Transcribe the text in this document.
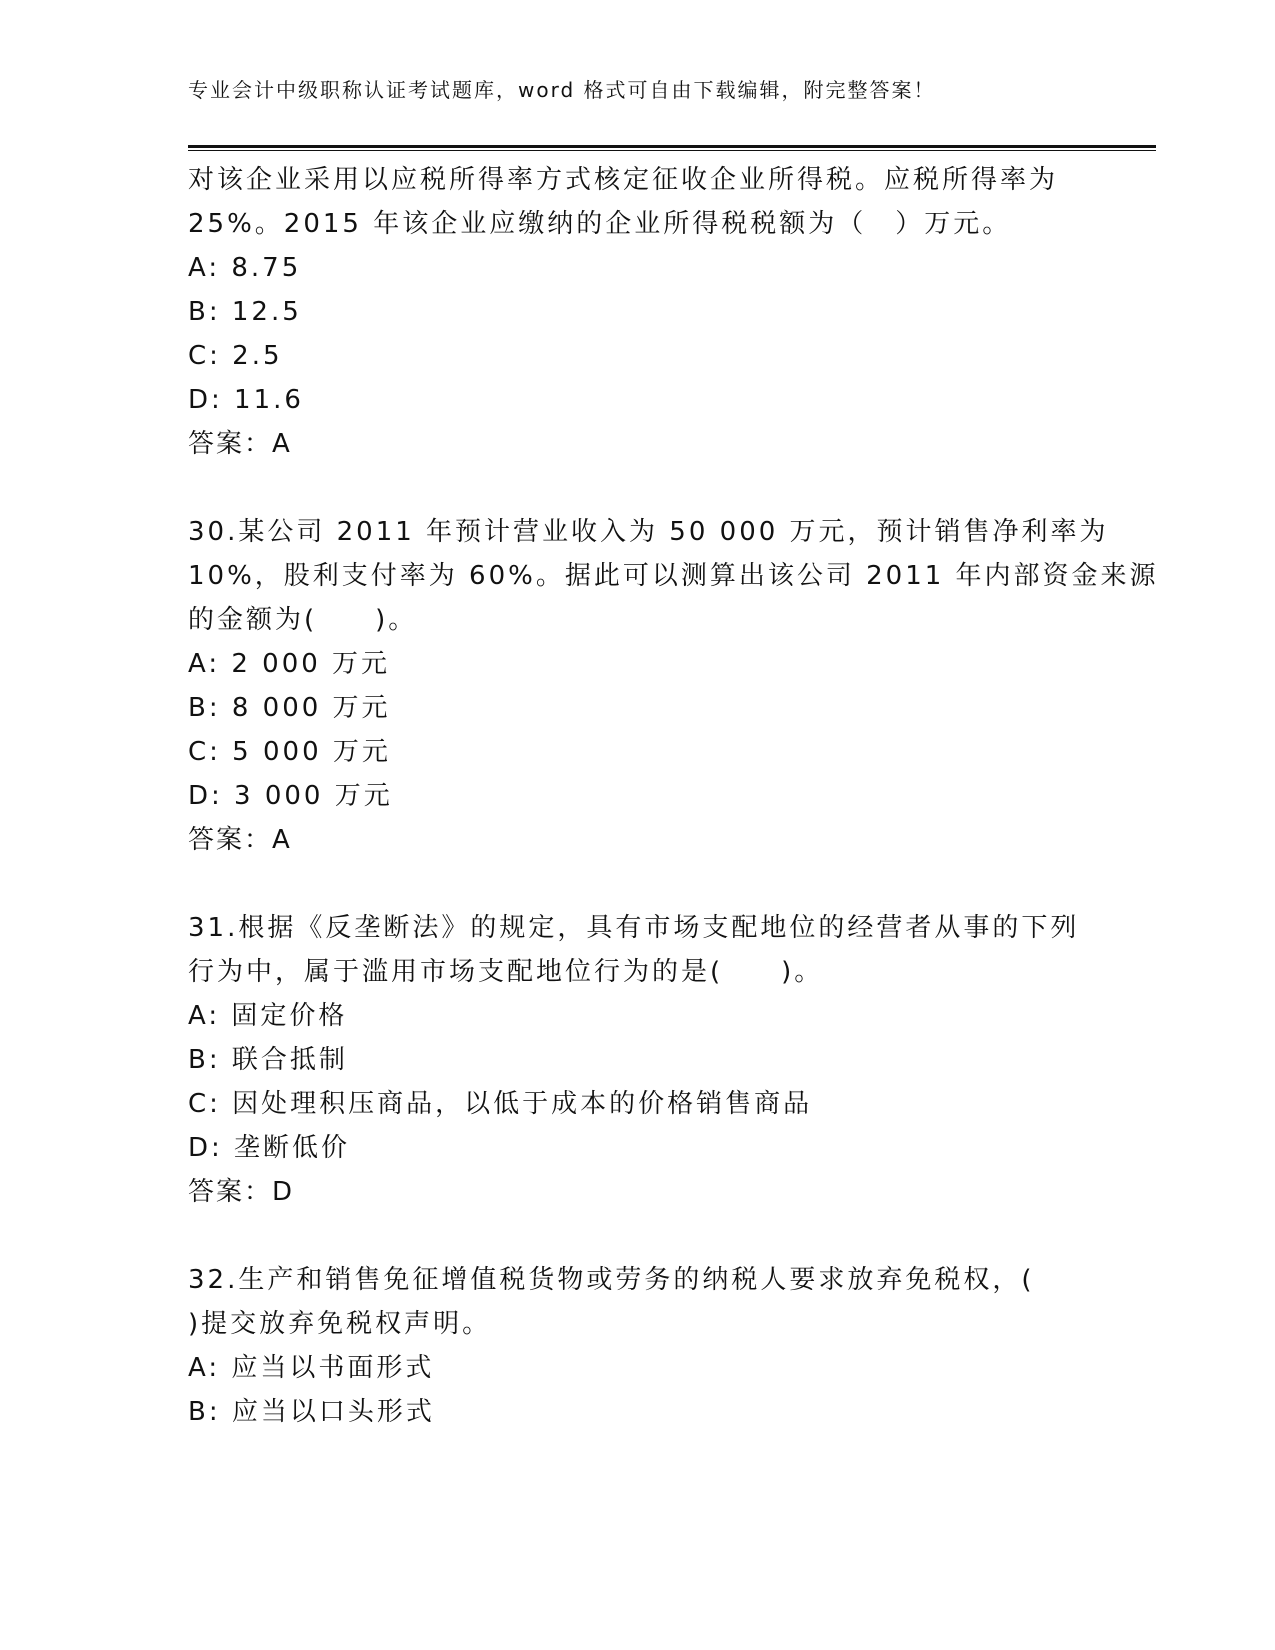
专业会计中级职称认证考试题库，word 格式可自由下载编辑，附完整答案！
对该企业采用以应税所得率方式核定征收企业所得税。应税所得率为
25%。2015 年该企业应缴纳的企业所得税税额为（　）万元。
A: 8.75
B: 12.5
C: 2.5
D: 11.6
答案：A
30.某公司 2011 年预计营业收入为 50 000 万元，预计销售净利率为
10%，股利支付率为 60%。据此可以测算出该公司 2011 年内部资金来源
的金额为(　　)。
A: 2 000 万元
B: 8 000 万元
C: 5 000 万元
D: 3 000 万元
答案：A
31.根据《反垄断法》的规定，具有市场支配地位的经营者从事的下列
行为中，属于滥用市场支配地位行为的是(　　)。
A: 固定价格
B: 联合抵制
C: 因处理积压商品，以低于成本的价格销售商品
D: 垄断低价
答案：D
32.生产和销售免征增值税货物或劳务的纳税人要求放弃免税权，(
)提交放弃免税权声明。
A: 应当以书面形式
B: 应当以口头形式
